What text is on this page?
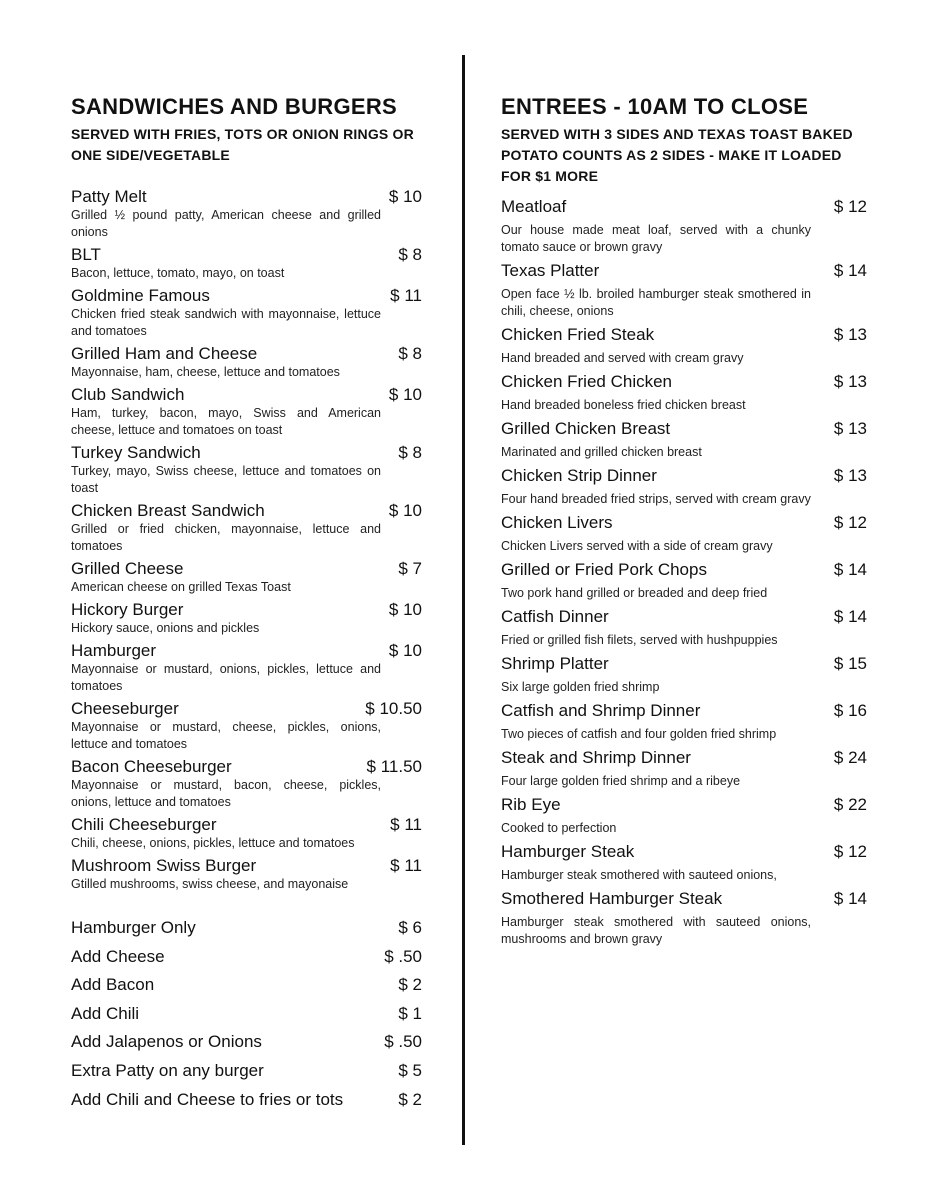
SANDWICHES AND BURGERS
SERVED WITH FRIES, TOTS OR ONION RINGS OR ONE SIDE/VEGETABLE
Patty Melt	$ 10
Grilled ½ pound patty, American cheese and grilled onions
BLT	$ 8
Bacon, lettuce, tomato, mayo, on toast
Goldmine Famous	$ 11
Chicken fried steak sandwich with mayonnaise, lettuce and tomatoes
Grilled Ham and Cheese	$ 8
Mayonnaise, ham, cheese, lettuce and tomatoes
Club Sandwich	$ 10
Ham, turkey, bacon, mayo, Swiss and American cheese, lettuce and tomatoes on toast
Turkey Sandwich	$ 8
Turkey, mayo, Swiss cheese, lettuce and tomatoes on toast
Chicken Breast Sandwich	$ 10
Grilled or fried chicken, mayonnaise, lettuce and tomatoes
Grilled Cheese	$ 7
American cheese on grilled Texas Toast
Hickory Burger	$ 10
Hickory sauce, onions and pickles
Hamburger	$ 10
Mayonnaise or mustard, onions, pickles, lettuce and tomatoes
Cheeseburger	$ 10.50
Mayonnaise or mustard, cheese, pickles, onions, lettuce and tomatoes
Bacon Cheeseburger	$ 11.50
Mayonnaise or mustard, bacon, cheese, pickles, onions, lettuce and tomatoes
Chili Cheeseburger	$ 11
Chili, cheese, onions, pickles, lettuce and tomatoes
Mushroom Swiss Burger	$ 11
Gtilled mushrooms, swiss cheese, and mayonaise
Hamburger Only	$ 6
Add Cheese	$ .50
Add Bacon	$ 2
Add Chili	$ 1
Add Jalapenos or Onions	$ .50
Extra Patty on any burger	$ 5
Add Chili and Cheese to fries or tots	$ 2
ENTREES - 10AM TO CLOSE
SERVED WITH 3 SIDES AND TEXAS TOAST BAKED POTATO COUNTS AS 2 SIDES - MAKE IT LOADED FOR $1 MORE
Meatloaf	$ 12
Our house made meat loaf, served with a chunky tomato sauce or brown gravy
Texas Platter	$ 14
Open face ½ lb. broiled hamburger steak smothered in chili, cheese, onions
Chicken Fried Steak	$ 13
Hand breaded and served with cream gravy
Chicken Fried Chicken	$ 13
Hand breaded boneless fried chicken breast
Grilled Chicken Breast	$ 13
Marinated and grilled chicken breast
Chicken Strip Dinner	$ 13
Four hand breaded fried strips, served with cream gravy
Chicken Livers	$ 12
Chicken Livers served with a side of cream gravy
Grilled or Fried Pork Chops	$ 14
Two pork hand grilled or breaded and deep fried
Catfish Dinner	$ 14
Fried or grilled fish filets, served with hushpuppies
Shrimp Platter	$ 15
Six large golden fried shrimp
Catfish and Shrimp Dinner	$ 16
Two pieces of catfish and four golden fried shrimp
Steak and Shrimp Dinner	$ 24
Four large golden fried shrimp and a ribeye
Rib Eye	$ 22
Cooked to perfection
Hamburger Steak	$ 12
Hamburger steak smothered with sauteed onions,
Smothered Hamburger Steak	$ 14
Hamburger steak smothered with sauteed onions, mushrooms and brown gravy
